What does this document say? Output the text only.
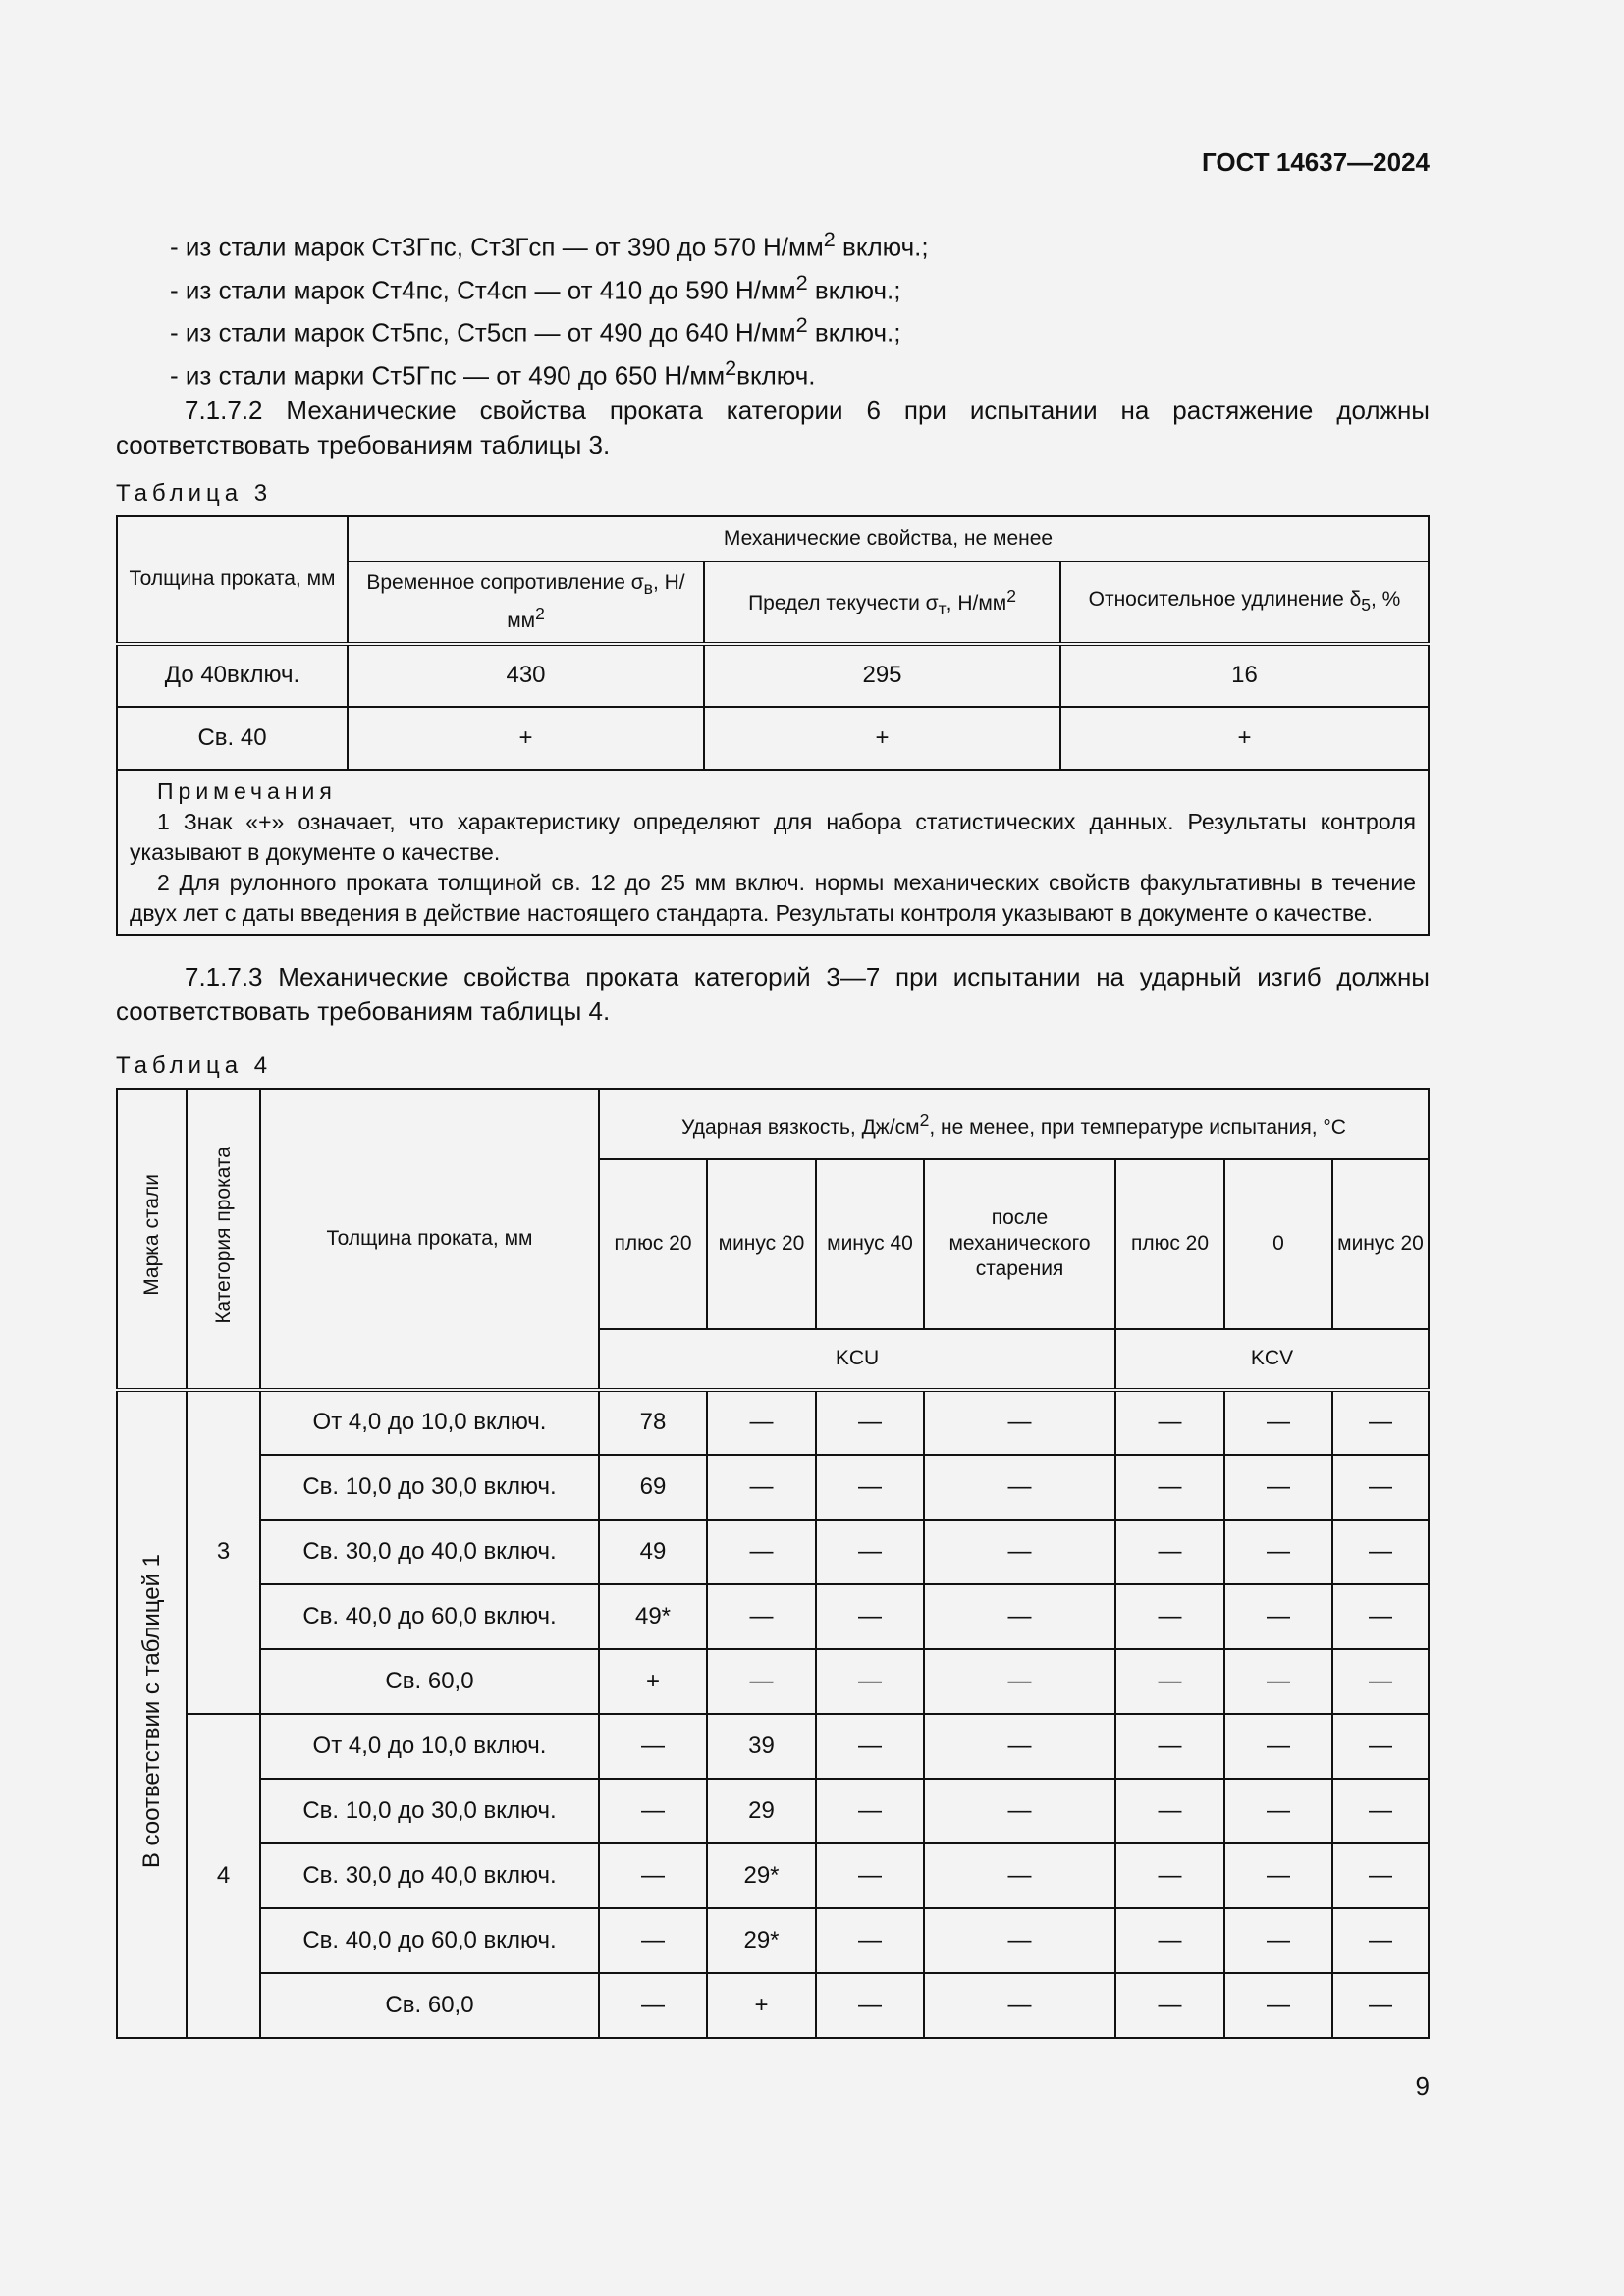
ГОСТ 14637—2024

- из стали марок Ст3Гпс, Ст3Гсп — от 390 до 570 $Н/мм^2$ включ.;

- из стали марок Ст4пс, Ст4сп — от 410 до 590 $Н/мм^2$ включ.;

- из стали марок Ст5пс, Ст5сп — от 490 до 640 $Н/мм^2$ включ.;

- из стали марки Ст5Гпс — от 490 до 650 $Н/мм^2включ$.

7.1.7.2 Механические свойства проката категории 6 при испытании на растяжение должны соответствовать требованиям таблицы 3.

Таблица 3

Толщина проката, мм	Механические свойства, не менее		
	Временное сопротивление $\sigma_в$, $Н/мм^2$	Предел текучести $\sigma_т$, $Н/мм^2$	Относительное удлинение $\delta_5$, %
До 40включ.	430	295	16
Св. 40	+	+	+

Примечания
1 Знак «+» означает, что характеристику определяют для набора статистических данных. Результаты контроля указывают в документе о качестве.
2 Для рулонного проката толщиной св. 12 до 25 мм включ. нормы механических свойств факультативны в течение двух лет с даты введения в действие настоящего стандарта. Результаты контроля указывают в документе о качестве.			

7.1.7.3 Механические свойства проката категорий 3—7 при испытании на ударный изгиб должны соответствовать требованиям таблицы 4.

Таблица 4

Марка стали	Категория проката	Толщина проката, мм	Ударная вязкость, $Дж/см^2$, не менее, при температуре испытания, °С						
			плюс 20	минус 20	минус 40	после механического старения	плюс 20	0	минус 20
			KCU				KCV		
В соответствии с таблицей 1	3	От 4,0 до 10,0 включ.	78	—	—	—	—	—	—
		Св. 10,0 до 30,0 включ.	69	—	—	—	—	—	—
		Св. 30,0 до 40,0 включ.	49	—	—	—	—	—	—
		Св. 40,0 до 60,0 включ.	49*	—	—	—	—	—	—
		Св. 60,0	+	—	—	—	—	—	—
	4	От 4,0 до 10,0 включ.	—	39	—	—	—	—	—
		Св. 10,0 до 30,0 включ.	—	29	—	—	—	—	—
		Св. 30,0 до 40,0 включ.	—	29*	—	—	—	—	—
		Св. 40,0 до 60,0 включ.	—	29*	—	—	—	—	—
		Св. 60,0	—	+	—	—	—	—	—
9
